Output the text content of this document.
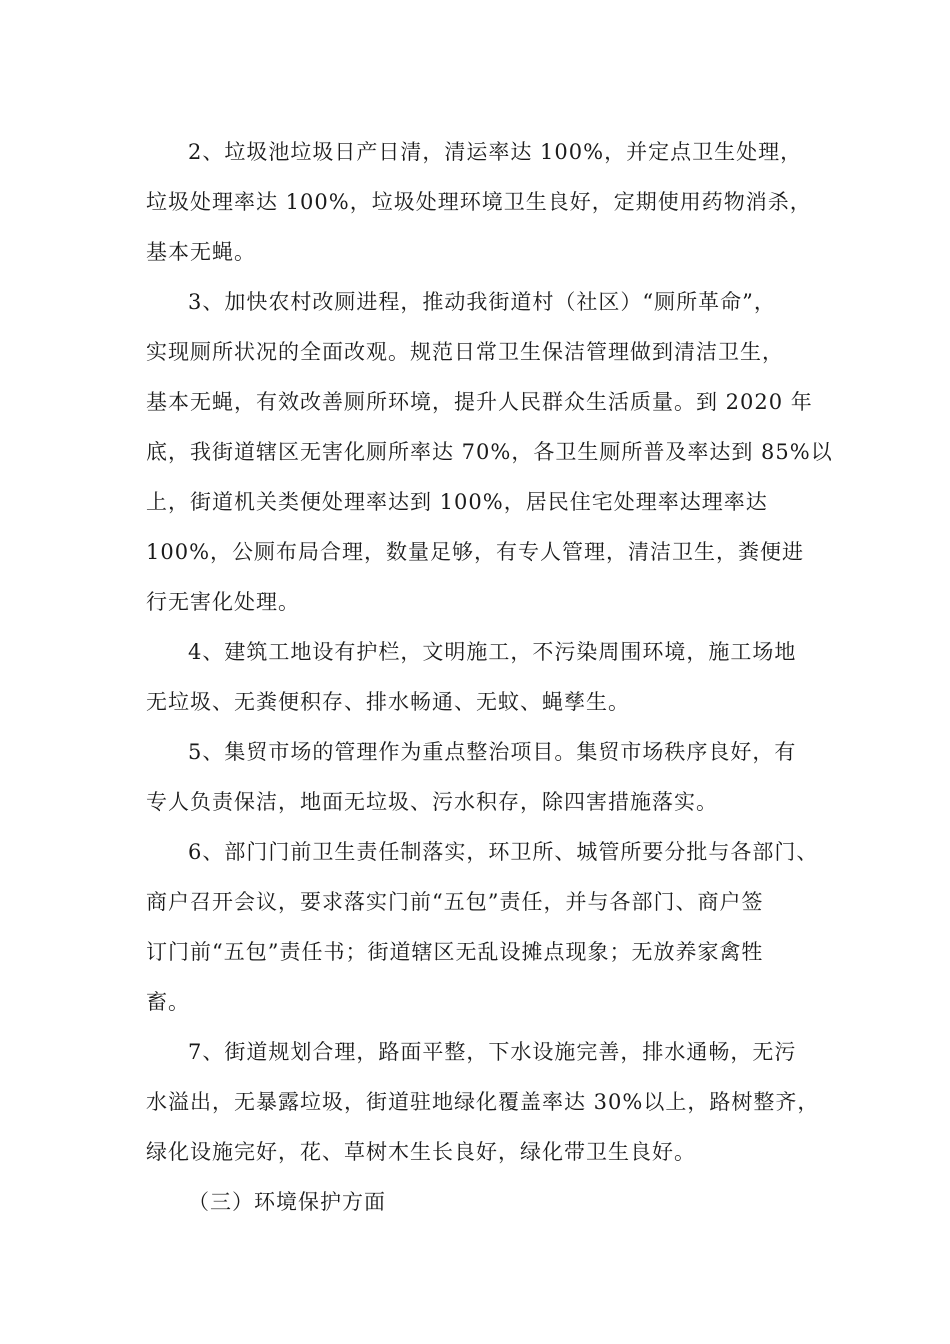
2、垃圾池垃圾日产日清，清运率达 100%，并定点卫生处理，
垃圾处理率达 100%，垃圾处理环境卫生良好，定期使用药物消杀，
基本无蝇。
3、加快农村改厕进程，推动我街道村（社区）“厕所革命”，
实现厕所状况的全面改观。规范日常卫生保洁管理做到清洁卫生，
基本无蝇，有效改善厕所环境，提升人民群众生活质量。到 2020 年
底，我街道辖区无害化厕所率达 70%，各卫生厕所普及率达到 85%以
上，街道机关类便处理率达到 100%，居民住宅处理率达理率达
100%，公厕布局合理，数量足够，有专人管理，清洁卫生，粪便进
行无害化处理。
4、建筑工地设有护栏，文明施工，不污染周围环境，施工场地
无垃圾、无粪便积存、排水畅通、无蚊、蝇孳生。
5、集贸市场的管理作为重点整治项目。集贸市场秩序良好，有
专人负责保洁，地面无垃圾、污水积存，除四害措施落实。
6、部门门前卫生责任制落实，环卫所、城管所要分批与各部门、
商户召开会议，要求落实门前“五包”责任，并与各部门、商户签
订门前“五包”责任书；街道辖区无乱设摊点现象；无放养家禽牲
畜。
7、街道规划合理，路面平整，下水设施完善，排水通畅，无污
水溢出，无暴露垃圾，街道驻地绿化覆盖率达 30%以上，路树整齐，
绿化设施完好，花、草树木生长良好，绿化带卫生良好。
（三）环境保护方面
